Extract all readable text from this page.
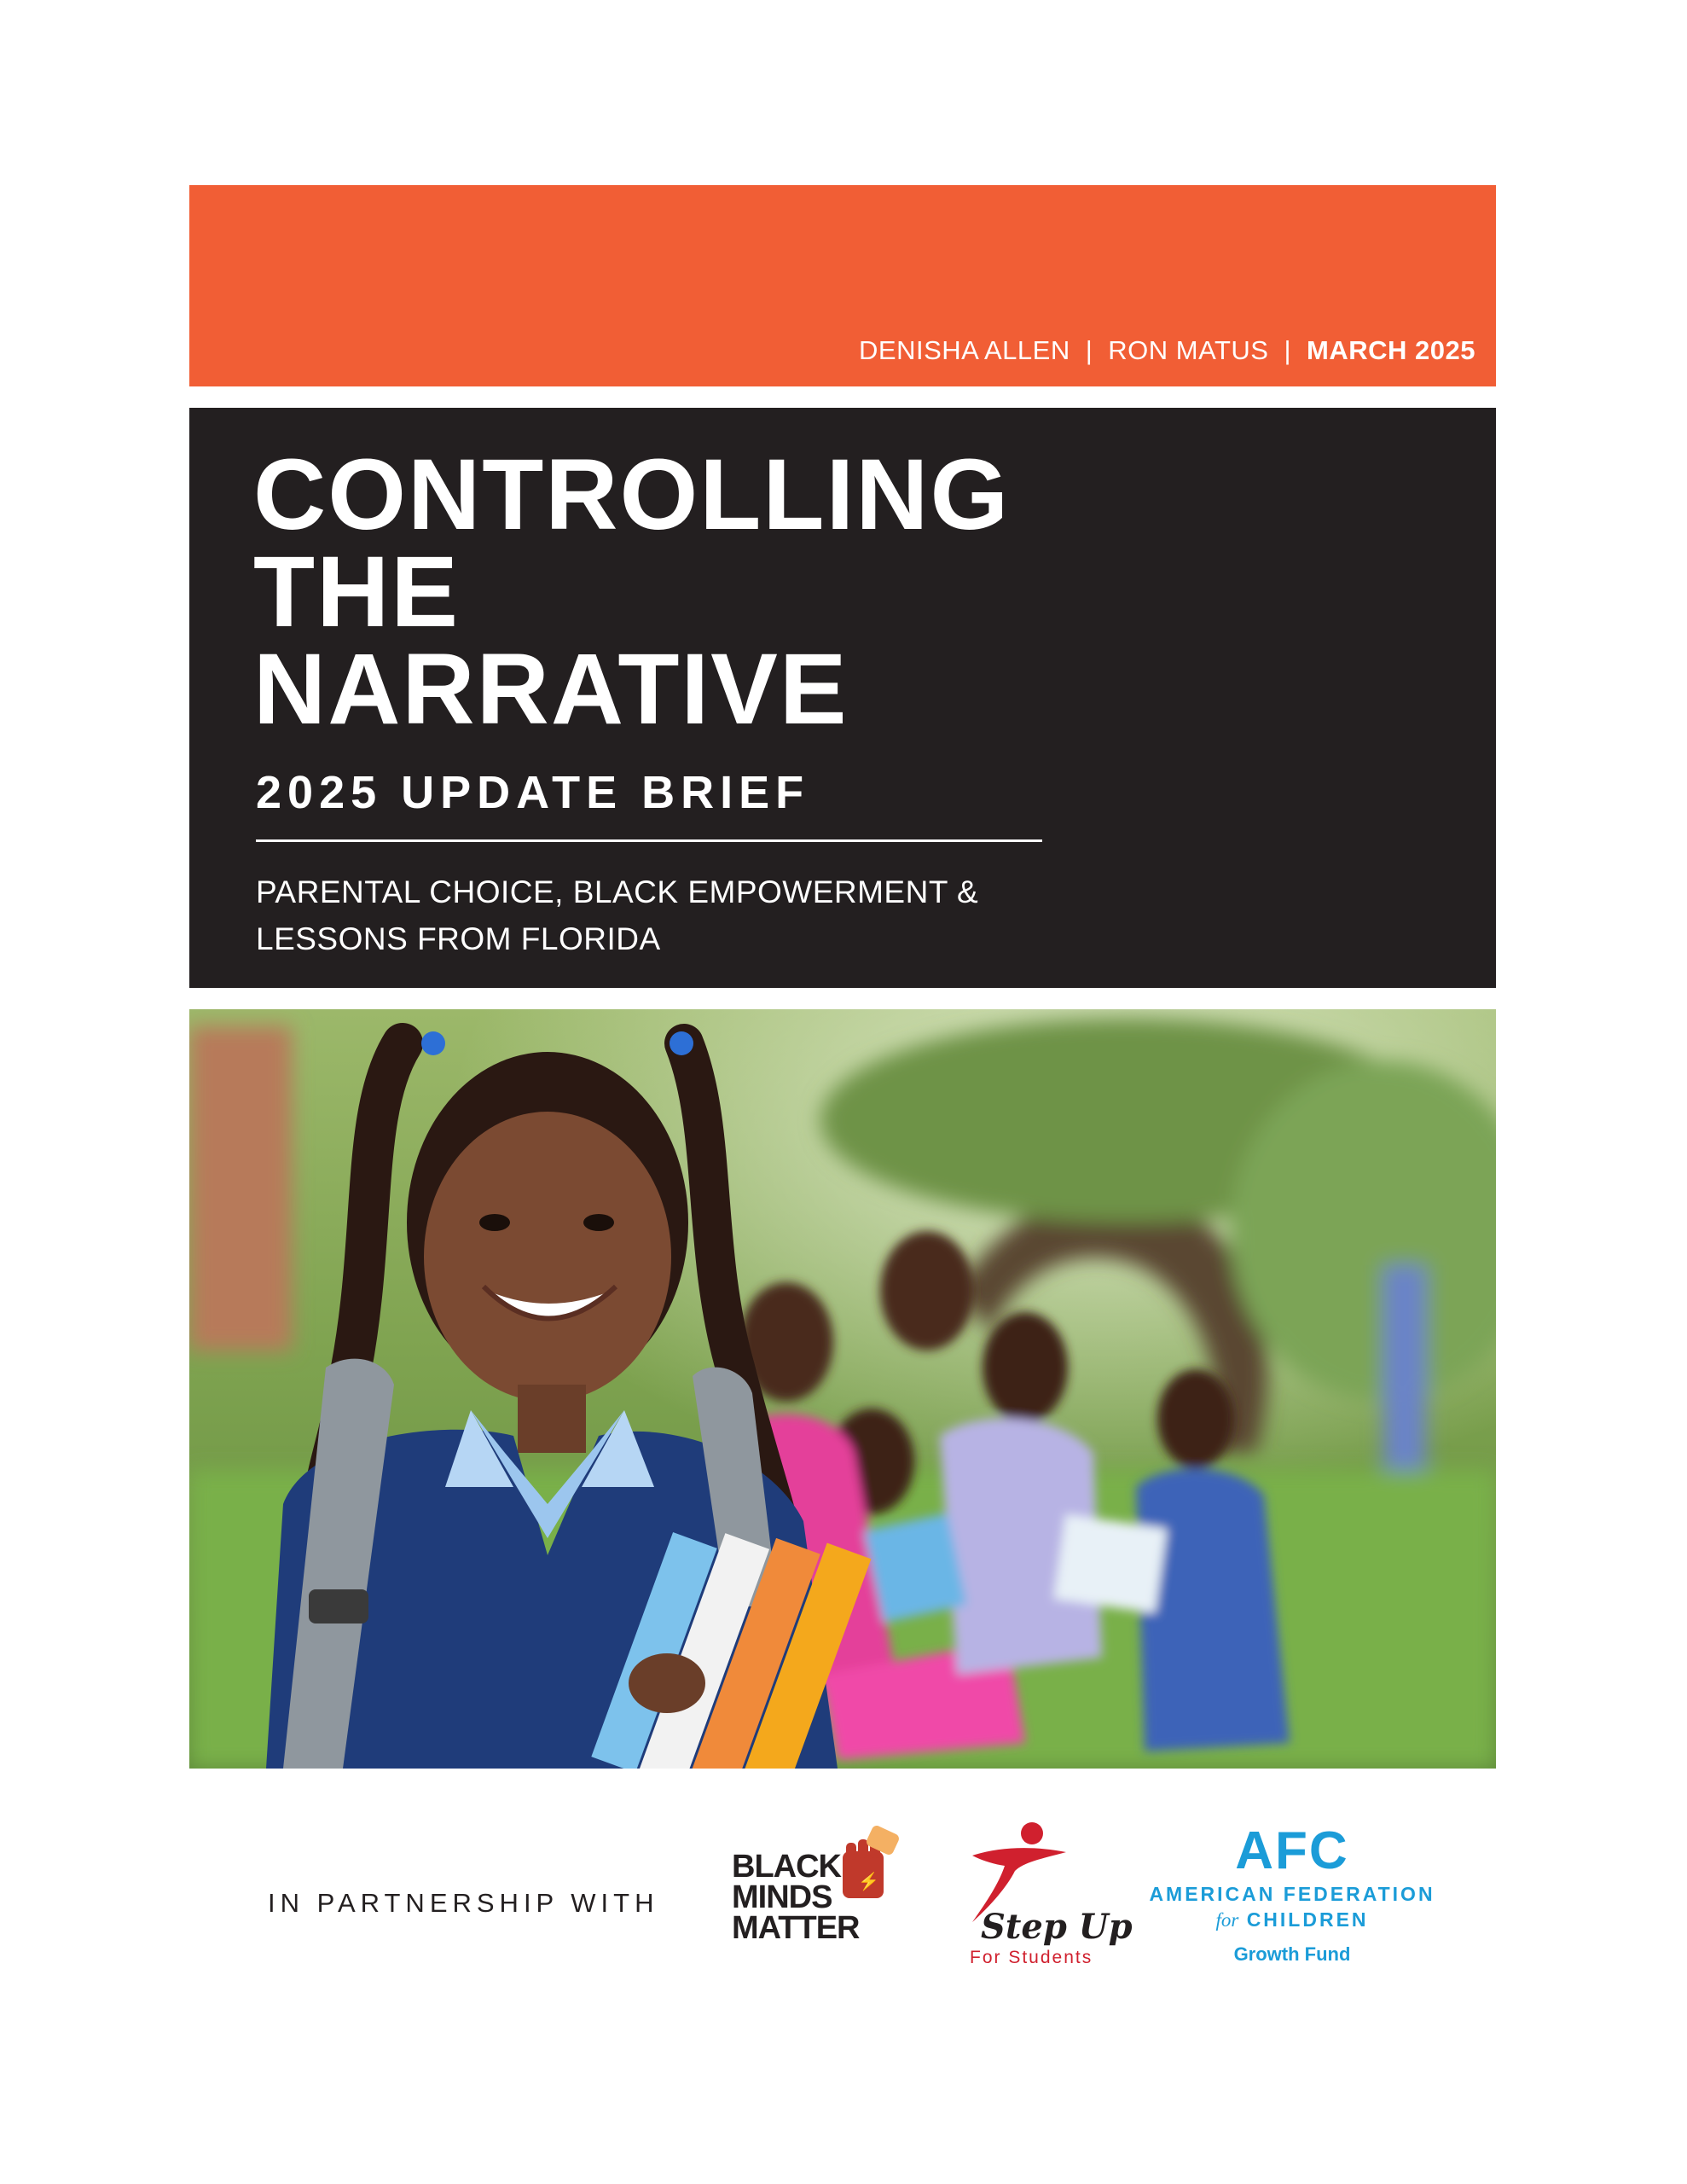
DENISHA ALLEN | RON MATUS | MARCH 2025
CONTROLLING
THE
NARRATIVE
2025 UPDATE BRIEF
PARENTAL CHOICE, BLACK EMPOWERMENT & LESSONS FROM FLORIDA
IN PARTNERSHIP WITH
BLACK
MINDS
MATTER
⚡
Step Up
For Students
AFC
AMERICAN FEDERATION
for CHILDREN
Growth Fund
